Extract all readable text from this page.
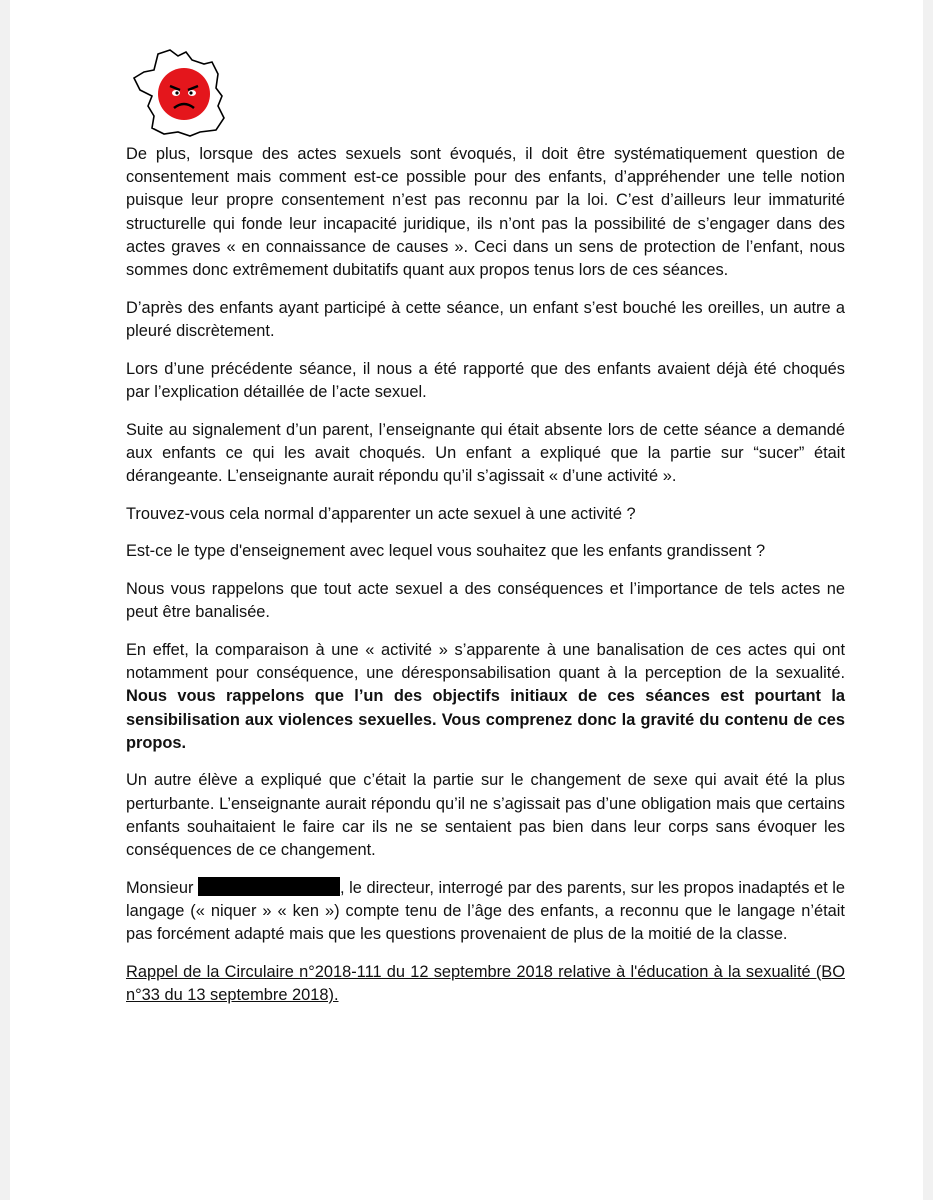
De plus, lorsque des actes sexuels sont évoqués, il doit être systématiquement question de consentement mais comment est-ce possible pour des enfants, d’appréhender une telle notion puisque leur propre consentement n’est pas reconnu par la loi. C’est d’ailleurs leur immaturité structurelle qui fonde leur incapacité juridique, ils n’ont pas la possibilité de s’engager dans des actes graves « en connaissance de causes ». Ceci dans un sens de protection de l’enfant, nous sommes donc extrêmement dubitatifs quant aux propos tenus lors de ces séances.

D’après des enfants ayant participé à cette séance, un enfant s’est bouché les oreilles, un autre a pleuré discrètement.

Lors d’une précédente séance, il nous a été rapporté que des enfants avaient déjà été choqués par l’explication détaillée de l’acte sexuel.

Suite au signalement d’un parent, l’enseignante qui était absente lors de cette séance a demandé aux enfants ce qui les avait choqués. Un enfant a expliqué que la partie sur “sucer” était dérangeante. L’enseignante aurait répondu qu’il s’agissait « d’une activité ».

Trouvez-vous cela normal d’apparenter un acte sexuel à une activité ?

Est-ce le type d'enseignement avec lequel vous souhaitez que les enfants grandissent ?

Nous vous rappelons que tout acte sexuel a des conséquences et l’importance de tels actes ne peut être banalisée.

En effet, la comparaison à une « activité » s’apparente à une banalisation de ces actes qui ont notamment pour conséquence, une déresponsabilisation quant à la perception de la sexualité. Nous vous rappelons que l’un des objectifs initiaux de ces séances est pourtant la sensibilisation aux violences sexuelles. Vous comprenez donc la gravité du contenu de ces propos.

Un autre élève a expliqué que c’était la partie sur le changement de sexe qui avait été la plus perturbante. L’enseignante aurait répondu qu’il ne s’agissait pas d’une obligation mais que certains enfants souhaitaient le faire car ils ne se sentaient pas bien dans leur corps sans évoquer les conséquences de ce changement.

Monsieur	, le directeur, interrogé par des parents, sur les propos inadaptés et le langage (« niquer » « ken ») compte tenu de l’âge des enfants, a reconnu que le langage n’était pas forcément adapté mais que les questions provenaient de plus de la moitié de la classe.

Rappel de la Circulaire n°2018-111 du 12 septembre 2018 relative à l'éducation à la sexualité (BO n°33 du 13 septembre 2018).
